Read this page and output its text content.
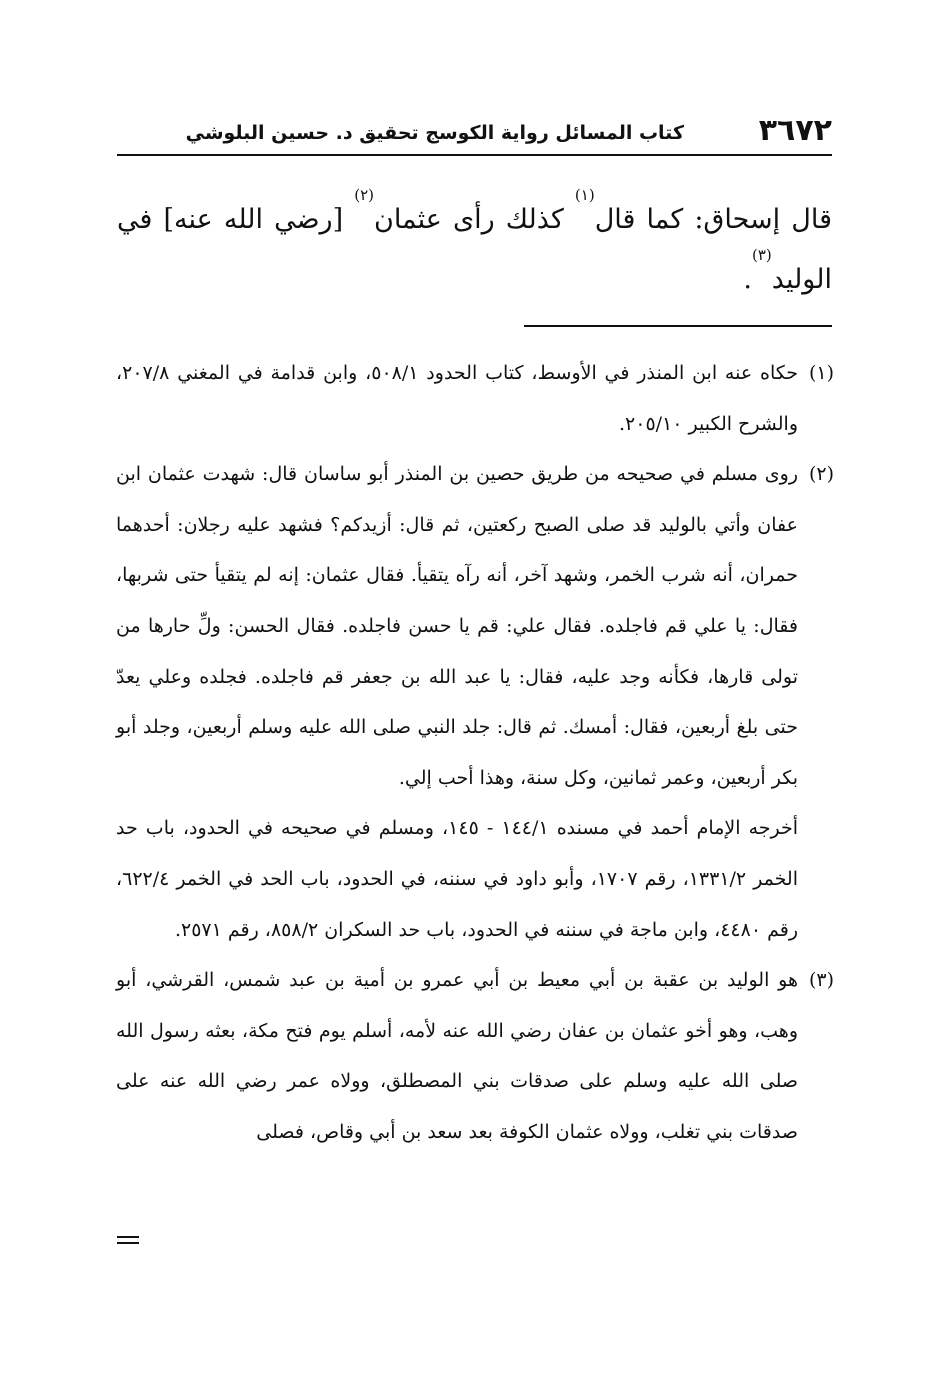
٣٦٧٢
كتاب المسائل رواية الكوسج تحقيق د. حسين البلوشي
قال إسحاق: كما قال$^{(١)}$ كذلك رأى عثمان$^{(٢)}$ [رضي الله عنه] في الوليد$^{(٣)}$.
(١)
حكاه عنه ابن المنذر في الأوسط، كتاب الحدود ٥٠٨/١، وابن قدامة في المغني ٢٠٧/٨، والشرح الكبير ٢٠٥/١٠.
(٢)
روى مسلم في صحيحه من طريق حصين بن المنذر أبو ساسان قال: شهدت عثمان ابن عفان وأتي بالوليد قد صلى الصبح ركعتين، ثم قال: أزيدكم؟ فشهد عليه رجلان: أحدهما حمران، أنه شرب الخمر، وشهد آخر، أنه رآه يتقيأ. فقال عثمان: إنه لم يتقيأ حتى شربها، فقال: يا علي قم فاجلده. فقال علي: قم يا حسن فاجلده. فقال الحسن: ولِّ حارها من تولى قارها، فكأنه وجد عليه، فقال: يا عبد الله بن جعفر قم فاجلده. فجلده وعلي يعدّ حتى بلغ أربعين، فقال: أمسك. ثم قال: جلد النبي صلى الله عليه وسلم أربعين، وجلد أبو بكر أربعين، وعمر ثمانين، وكل سنة، وهذا أحب إلي.
أخرجه الإمام أحمد في مسنده ١٤٤/١ - ١٤٥، ومسلم في صحيحه في الحدود، باب حد الخمر ١٣٣١/٢، رقم ١٧٠٧، وأبو داود في سننه، في الحدود، باب الحد في الخمر ٦٢٢/٤، رقم ٤٤٨٠، وابن ماجة في سننه في الحدود، باب حد السكران ٨٥٨/٢، رقم ٢٥٧١.
(٣)
هو الوليد بن عقبة بن أبي معيط بن أبي عمرو بن أمية بن عبد شمس، القرشي، أبو وهب، وهو أخو عثمان بن عفان رضي الله عنه لأمه، أسلم يوم فتح مكة، بعثه رسول الله صلى الله عليه وسلم على صدقات بني المصطلق، وولاه عمر رضي الله عنه على صدقات بني تغلب، وولاه عثمان الكوفة بعد سعد بن أبي وقاص، فصلى
